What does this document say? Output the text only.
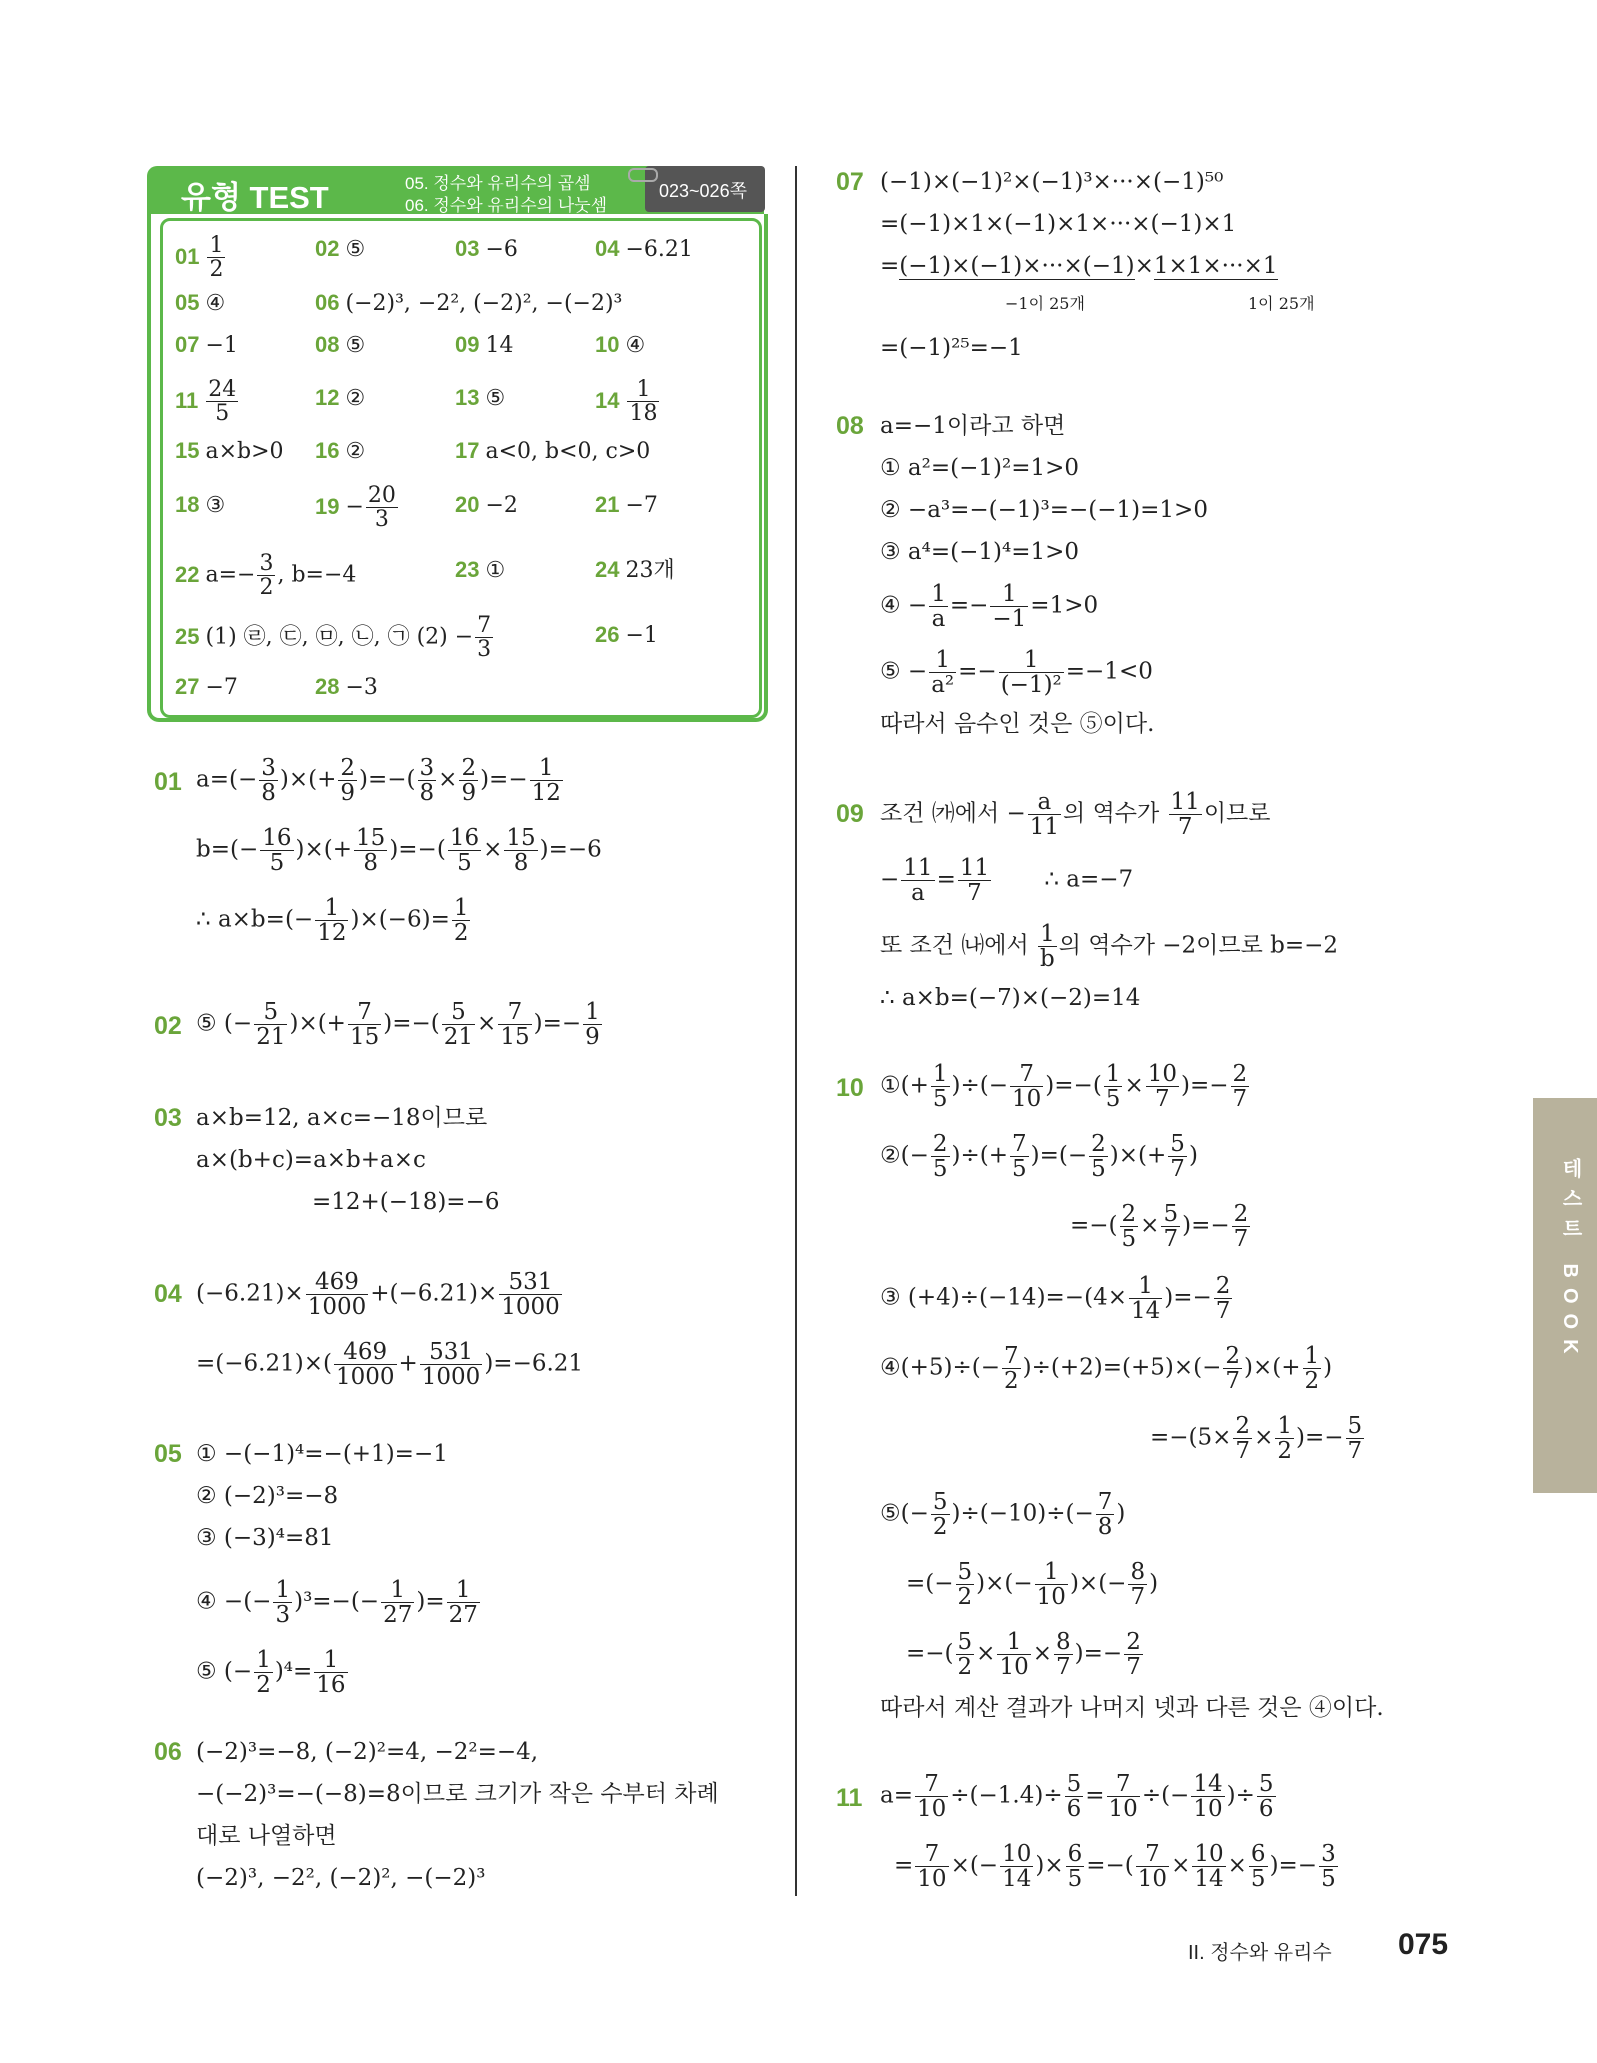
유형 TEST	05. 정수와 유리수의 곱셈
06. 정수와 유리수의 나눗셈
023~026쪽
$01 \frac{1}{2}$	02 ⑤	03 −6	04 −6.21
05 ④	06 (−2)³, −2², (−2)², −(−2)³
07 −1	08 ⑤	09 14	10 ④
$11 \frac{24}{5}$	12 ②	13 ⑤	$14 \frac{1}{18}$
15 a×b>0 16 ②	17 a<0, b<0, c>0
18 ③	$19 - \frac{20}{3}$	20 −2	21 −7
22 $a=- \frac{3}{2}$ , b=−4	23 ①	24 23개
25 (1) ㉣, ㉢, ㉤, ㉡, ㉠ $(2) - \frac{7}{3}$	26 −1
27 −7	28 −3
01 $a=(- \frac{3}{8}$ )×(+ $\frac{2}{9}$ )=−( $\frac{3}{8} \times \frac{2}{9}$ )=− $\frac{1}{12}$
$b=(- \frac{16}{5}$ )×(+ $\frac{15}{8}$ )=−( $\frac{16}{5} \times \frac{15}{8} )=-6$
∴ $a\times b=(- \frac{1}{12} )\times(-6)= \frac{1}{2}$
02 ⑤ (− $\frac{5}{21}$ )×(+ $\frac{7}{15}$ )=−( $\frac{5}{21} \times \frac{7}{15}$ )=− $\frac{1}{9}$
03 a×b=12, a×c=−18이므로
a×(b+c)=a×b+a×c
=12+(−18)=−6
04 $(-6.21)\times \frac{469}{1000} +(-6.21)\times \frac{531}{1000}$
$=(-6.21)\times( \frac{469}{1000} + \frac{531}{1000} )=-6.21$
05 ① −(−1)⁴=−(+1)=−1
② (−2)³=−8
③ (−3)⁴=81
④ −(− $\frac{1}{3} )^3=-(- \frac{1}{27}$ )= $\frac{1}{27}$
⑤ (− $\frac{1}{2} )^4= \frac{1}{16}$
06 (−2)³=−8, (−2)²=4, −2²=−4,
−(−2)³=−(−8)=8이므로 크기가 작은 수부터 차례
대로 나열하면
(−2)³, −2², (−2)², −(−2)³
07 (−1)×(−1)²×(−1)³×···×(−1)⁵⁰
=(−1)×1×(−1)×1×···×(−1)×1
=(−1)×(−1)×···×(−1)×1×1×···×1
−1이 25개	1이 25개
=(−1)²⁵=−1
08 a=−1이라고 하면
① a²=(−1)²=1>0
② −a³=−(−1)³=−(−1)=1>0
③ a⁴=(−1)⁴=1>0
④ − $\frac{1}{a} =- \frac{1}{-1} =1>0$
⑤ − $\frac{1}{\text{a²}} =- \frac{1}{\text{(−1)²}} =-1<0$
따라서 음수인 것은 ⑤이다.
09 조건 ㈎에서 − $\frac{a}{11}$ 의 역수가 $\frac{11}{7}$ 이므로
− $\frac{11}{a} = \frac{11}{7}$ ∴ a=−7
또 조건 ㈏에서 $\frac{1}{b}$ 의 역수가 −2이므로 b=−2
∴ a×b=(−7)×(−2)=14
10 ①(+ $\frac{1}{5}$ )÷(− $\frac{7}{10}$ )=−( $\frac{1}{5} \times \frac{10}{7}$ )=− $\frac{2}{7}$
②(− $\frac{2}{5}$ )÷(+ $\frac{7}{5}$ )=(− $\frac{2}{5}$ )×(+ $\frac{5}{7}$ )
=−( $\frac{2}{5} \times \frac{5}{7}$ )=− $\frac{2}{7}$
③ $(+4)\div(-14)=-(4\times \frac{1}{14}$ )=− $\frac{2}{7}$
④(+5)÷(− $\frac{7}{2} )\div(+2)=(+5)\times(- \frac{2}{7}$ )×(+ $\frac{1}{2}$ )
$=-(5\times \frac{2}{7} \times \frac{1}{2}$ )=− $\frac{5}{7}$
⑤(− $\frac{5}{2} )\div(-10)\div(- \frac{7}{8}$ )
=(− $\frac{5}{2}$ )×(− $\frac{1}{10}$ )×(− $\frac{8}{7}$ )
=−( $\frac{5}{2} \times \frac{1}{10} \times \frac{8}{7}$ )=− $\frac{2}{7}$
따라서 계산 결과가 나머지 넷과 다른 것은 ④이다.
11 $a= \frac{7}{10} \div(-1.4)\div \frac{5}{6} = \frac{7}{10}$ ÷(− $\frac{14}{10}$ )÷ $\frac{5}{6}$
= $\frac{7}{10}$ ×(− $\frac{10}{14}$ )× $\frac{6}{5}$ =−( $\frac{7}{10} \times \frac{10}{14} \times \frac{6}{5}$ )=− $\frac{3}{5}$
테스트 BOOK
II. 정수와 유리수 075
